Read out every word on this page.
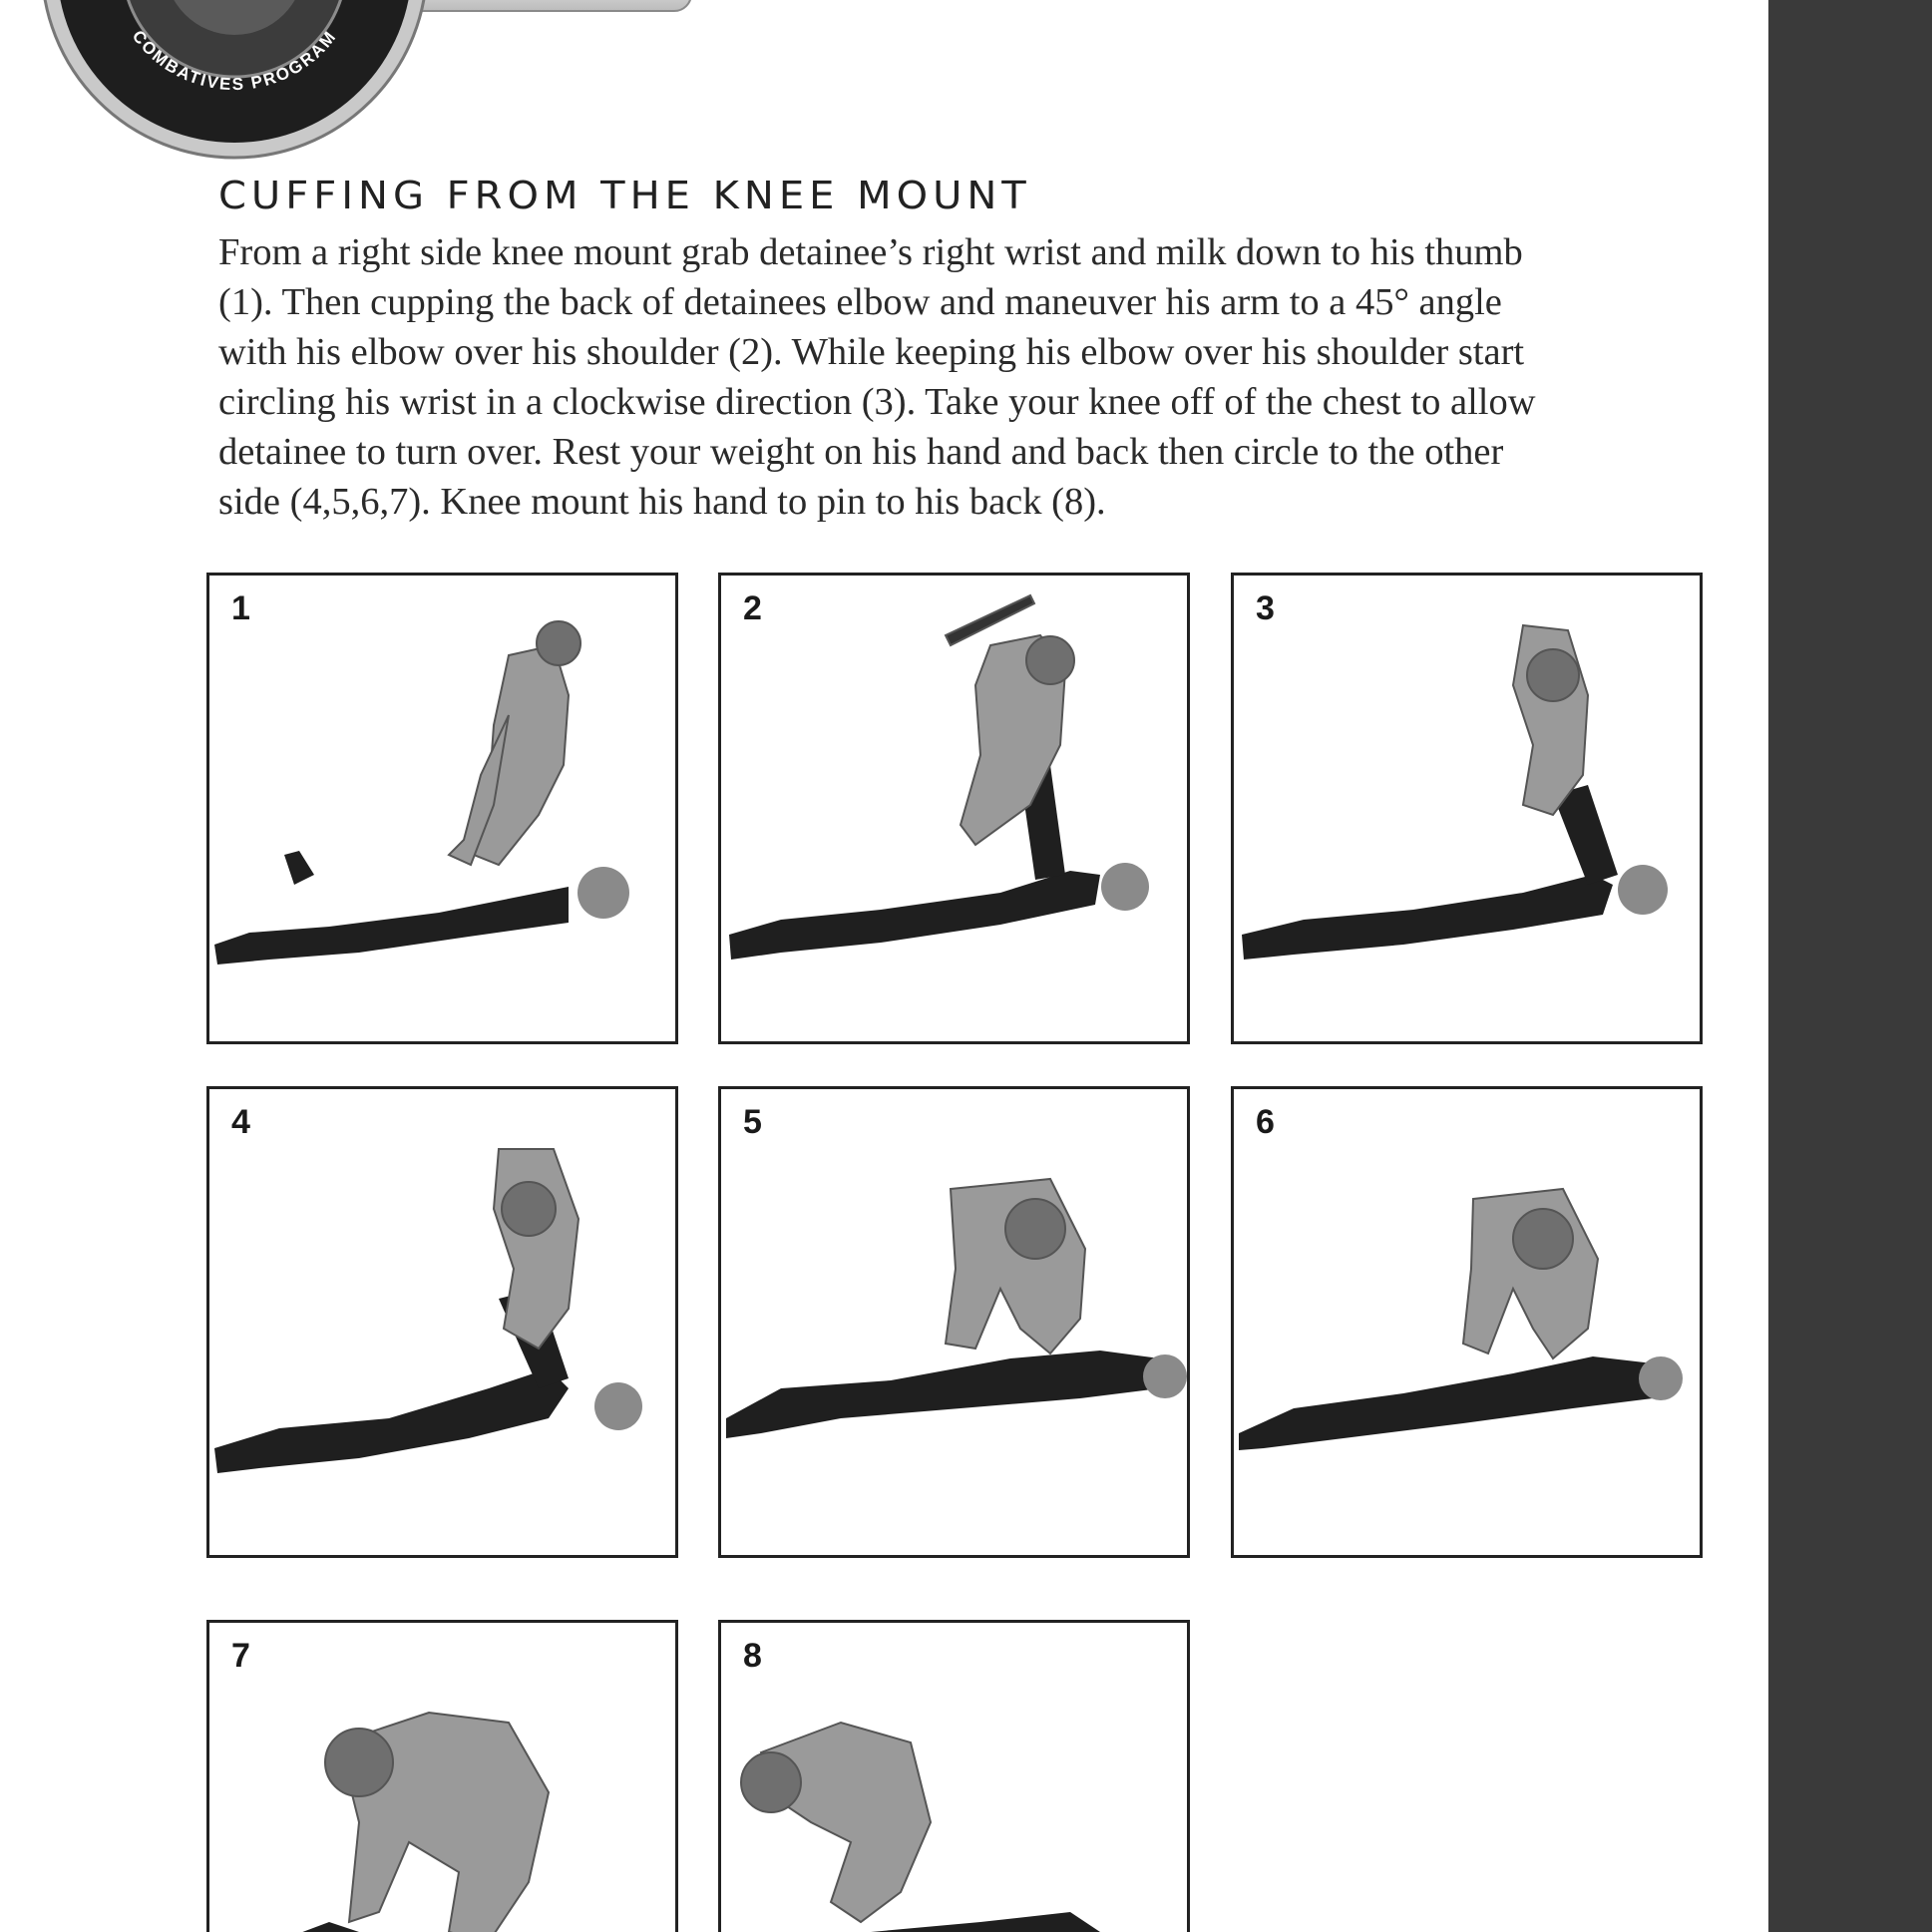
COMBATIVES PROGRAM
CUFFING FROM THE KNEE MOUNT

From a right side knee mount grab detainee’s right wrist and milk down to his thumb
(1). Then cupping the back of detainees elbow and maneuver his arm to a 45° angle
with his elbow over his shoulder (2). While keeping his elbow over his shoulder start
circling his wrist in a clockwise direction (3). Take your knee off of the chest to allow
detainee to turn over. Rest your weight on his hand and back then circle to the other
side (4,5,6,7). Knee mount his hand to pin to his back (8).

1	2	3
4	5	6
7	8
